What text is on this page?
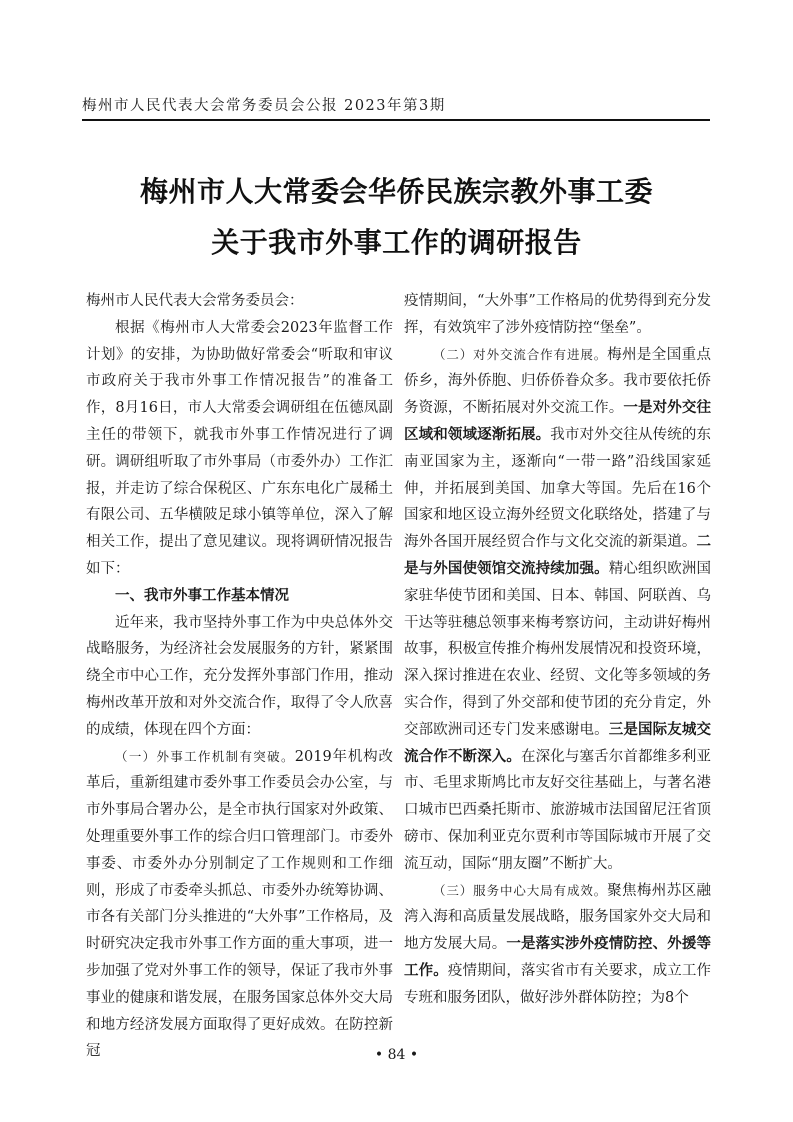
梅州市人民代表大会常务委员会公报 2023年第3期
梅州市人大常委会华侨民族宗教外事工委
关于我市外事工作的调研报告

梅州市人民代表大会常务委员会：

根据《梅州市人大常委会2023年监督工作计划》的安排，为协助做好常委会“听取和审议市政府关于我市外事工作情况报告”的准备工作，8月16日，市人大常委会调研组在伍德凤副主任的带领下，就我市外事工作情况进行了调研。调研组听取了市外事局（市委外办）工作汇报，并走访了综合保税区、广东东电化广晟稀土有限公司、五华横陂足球小镇等单位，深入了解相关工作，提出了意见建议。现将调研情况报告如下：

一、我市外事工作基本情况

近年来，我市坚持外事工作为中央总体外交战略服务，为经济社会发展服务的方针，紧紧围绕全市中心工作，充分发挥外事部门作用，推动梅州改革开放和对外交流合作，取得了令人欣喜的成绩，体现在四个方面：

（一）外事工作机制有突破。2019年机构改革后，重新组建市委外事工作委员会办公室，与市外事局合署办公，是全市执行国家对外政策、处理重要外事工作的综合归口管理部门。市委外事委、市委外办分别制定了工作规则和工作细则，形成了市委牵头抓总、市委外办统筹协调、市各有关部门分头推进的“大外事”工作格局，及时研究决定我市外事工作方面的重大事项，进一步加强了党对外事工作的领导，保证了我市外事事业的健康和谐发展，在服务国家总体外交大局和地方经济发展方面取得了更好成效。在防控新冠

疫情期间，“大外事”工作格局的优势得到充分发挥，有效筑牢了涉外疫情防控“堡垒”。

（二）对外交流合作有进展。梅州是全国重点侨乡，海外侨胞、归侨侨眷众多。我市要依托侨务资源，不断拓展对外交流工作。一是对外交往区域和领域逐渐拓展。我市对外交往从传统的东南亚国家为主，逐渐向“一带一路”沿线国家延伸，并拓展到美国、加拿大等国。先后在16个国家和地区设立海外经贸文化联络处，搭建了与海外各国开展经贸合作与文化交流的新渠道。二是与外国使领馆交流持续加强。精心组织欧洲国家驻华使节团和美国、日本、韩国、阿联酋、乌干达等驻穗总领事来梅考察访问，主动讲好梅州故事，积极宣传推介梅州发展情况和投资环境，深入探讨推进在农业、经贸、文化等多领域的务实合作，得到了外交部和使节团的充分肯定，外交部欧洲司还专门发来感谢电。三是国际友城交流合作不断深入。在深化与塞舌尔首都维多利亚市、毛里求斯鸠比市友好交往基础上，与著名港口城市巴西桑托斯市、旅游城市法国留尼汪省顶磅市、保加利亚克尔贾利市等国际城市开展了交流互动，国际“朋友圈”不断扩大。

（三）服务中心大局有成效。聚焦梅州苏区融湾入海和高质量发展战略，服务国家外交大局和地方发展大局。一是落实涉外疫情防控、外援等工作。疫情期间，落实省市有关要求，成立工作专班和服务团队，做好涉外群体防控；为8个

• 84 •
